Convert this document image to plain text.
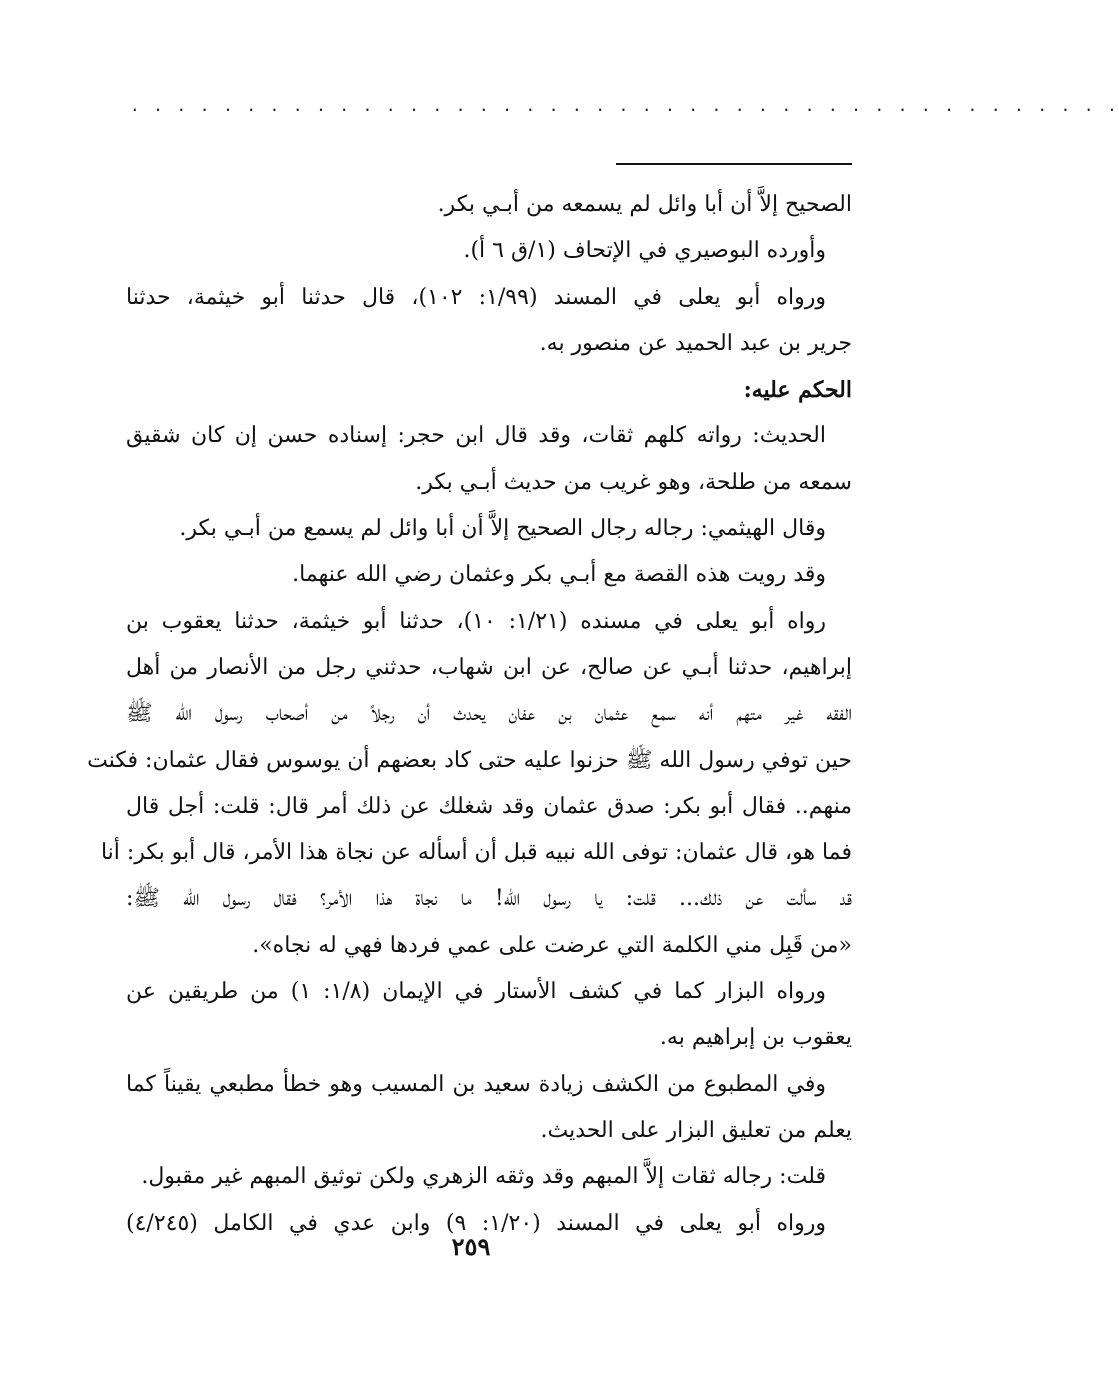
. . . . . . . . . . . . . . . . . . . . . . . . . . . . . . . . . . . . . . . . . . .
الصحيح إلاَّ أن أبا وائل لم يسمعه من أبـي بكر.
وأورده البوصيري في الإتحاف (١/ق ٦ أ).
ورواه أبو يعلى في المسند (١/٩٩: ١٠٢)، قال حدثنا أبو خيثمة، حدثنا
جرير بن عبد الحميد عن منصور به.
الحكم عليه:
الحديث: رواته كلهم ثقات، وقد قال ابن حجر: إسناده حسن إن كان شقيق
سمعه من طلحة، وهو غريب من حديث أبـي بكر.
وقال الهيثمي: رجاله رجال الصحيح إلاَّ أن أبا وائل لم يسمع من أبـي بكر.
وقد رويت هذه القصة مع أبـي بكر وعثمان رضي الله عنهما.
رواه أبو يعلى في مسنده (١/٢١: ١٠)، حدثنا أبو خيثمة، حدثنا يعقوب بن
إبراهيم، حدثنا أبـي عن صالح، عن ابن شهاب، حدثني رجل من الأنصار من أهل
الفقه غير متهم أنه سمع عثمان بن عفان يحدث أن رجلاً من أصحاب رسول الله ﷺ
حين توفي رسول الله ﷺ حزنوا عليه حتى كاد بعضهم أن يوسوس فقال عثمان: فكنت
منهم.. فقال أبو بكر: صدق عثمان وقد شغلك عن ذلك أمر قال: قلت: أجل قال
فما هو، قال عثمان: توفى الله نبيه قبل أن أسأله عن نجاة هذا الأمر، قال أبو بكر: أنا
قد سألت عن ذلك... قلت: يا رسول الله! ما نجاة هذا الأمر؟ فقال رسول الله ﷺ:
«من قَبِل مني الكلمة التي عرضت على عمي فردها فهي له نجاه».
ورواه البزار كما في كشف الأستار في الإيمان (١/٨: ١) من طريقين عن
يعقوب بن إبراهيم به.
وفي المطبوع من الكشف زيادة سعيد بن المسيب وهو خطأ مطبعي يقيناً كما
يعلم من تعليق البزار على الحديث.
قلت: رجاله ثقات إلاَّ المبهم وقد وثقه الزهري ولكن توثيق المبهم غير مقبول.
ورواه أبو يعلى في المسند (١/٢٠: ٩) وابن عدي في الكامل (٤/٢٤٥)
٢٥٩
